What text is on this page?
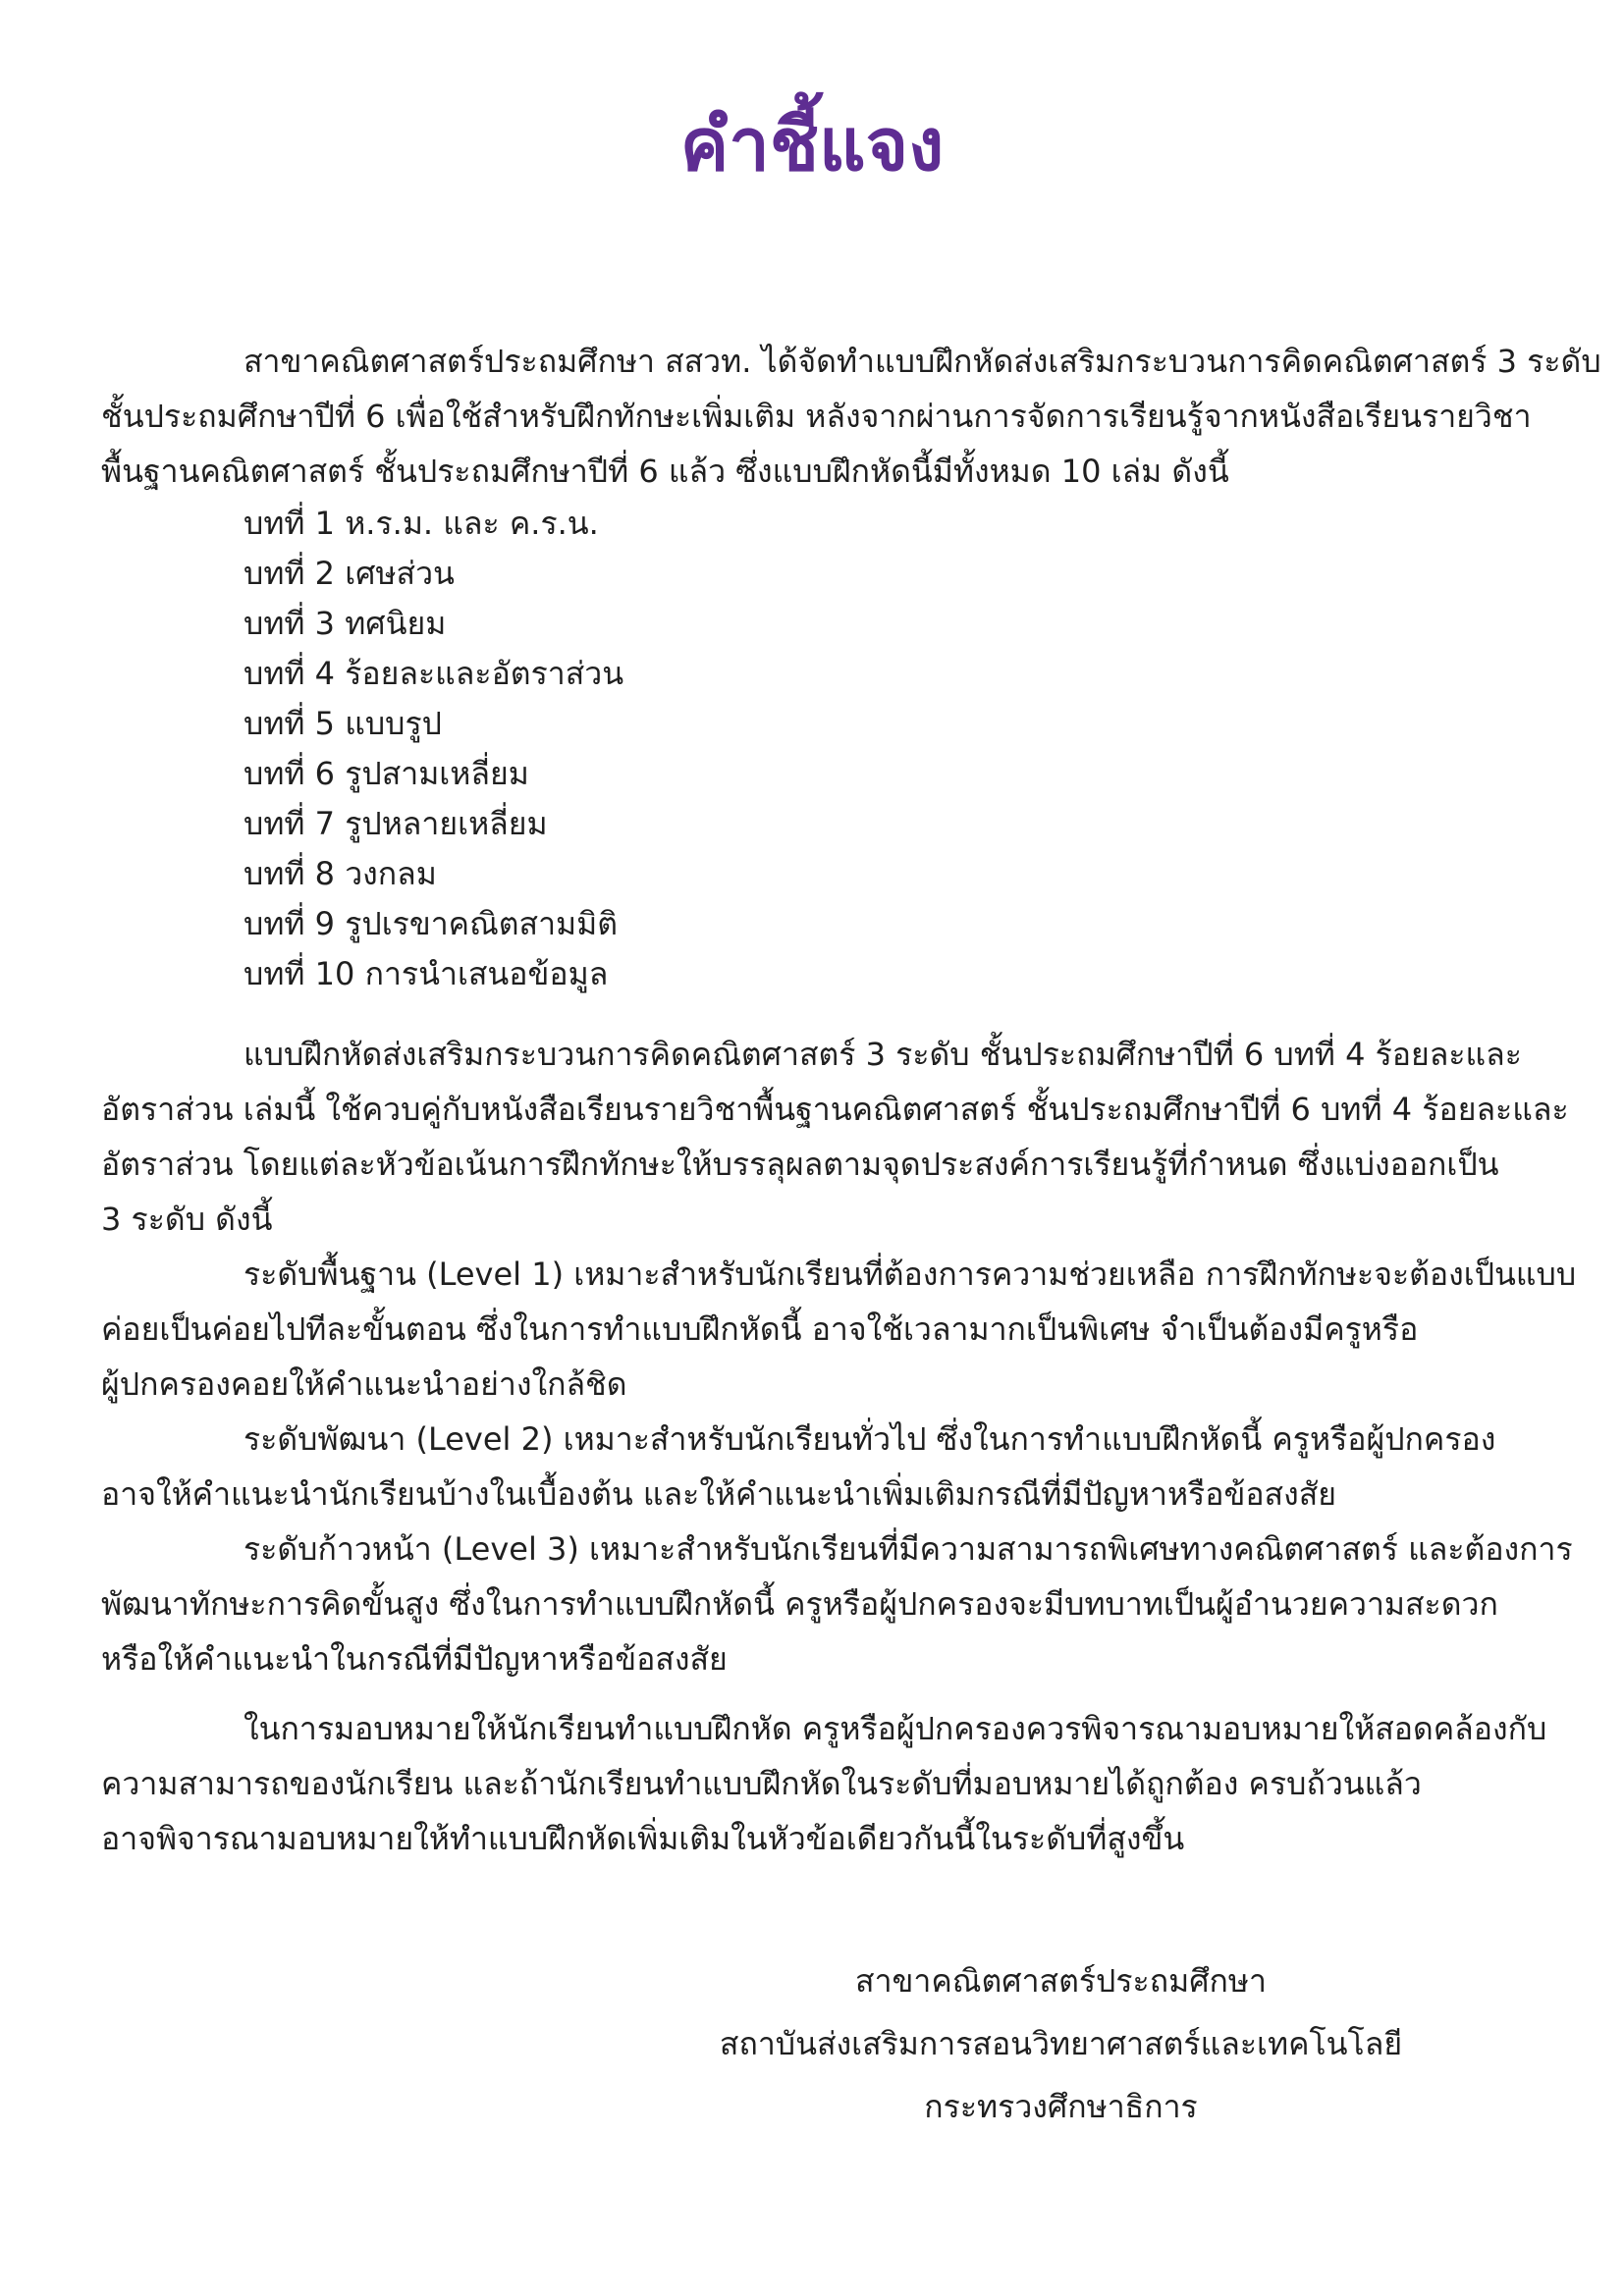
คำชี้แจง
สาขาคณิตศาสตร์ประถมศึกษา สสวท. ได้จัดทำแบบฝึกหัดส่งเสริมกระบวนการคิดคณิตศาสตร์ 3 ระดับ
ชั้นประถมศึกษาปีที่ 6 เพื่อใช้สำหรับฝึกทักษะเพิ่มเติม หลังจากผ่านการจัดการเรียนรู้จากหนังสือเรียนรายวิชา
พื้นฐานคณิตศาสตร์ ชั้นประถมศึกษาปีที่ 6 แล้ว ซึ่งแบบฝึกหัดนี้มีทั้งหมด 10 เล่ม ดังนี้
บทที่ 1 ห.ร.ม. และ ค.ร.น.
บทที่ 2 เศษส่วน
บทที่ 3 ทศนิยม
บทที่ 4 ร้อยละและอัตราส่วน
บทที่ 5 แบบรูป
บทที่ 6 รูปสามเหลี่ยม
บทที่ 7 รูปหลายเหลี่ยม
บทที่ 8 วงกลม
บทที่ 9 รูปเรขาคณิตสามมิติ
บทที่ 10 การนำเสนอข้อมูล
แบบฝึกหัดส่งเสริมกระบวนการคิดคณิตศาสตร์ 3 ระดับ ชั้นประถมศึกษาปีที่ 6 บทที่ 4 ร้อยละและ
อัตราส่วน เล่มนี้ ใช้ควบคู่กับหนังสือเรียนรายวิชาพื้นฐานคณิตศาสตร์ ชั้นประถมศึกษาปีที่ 6 บทที่ 4 ร้อยละและ
อัตราส่วน โดยแต่ละหัวข้อเน้นการฝึกทักษะให้บรรลุผลตามจุดประสงค์การเรียนรู้ที่กำหนด ซึ่งแบ่งออกเป็น
3 ระดับ ดังนี้
ระดับพื้นฐาน (Level 1) เหมาะสำหรับนักเรียนที่ต้องการความช่วยเหลือ การฝึกทักษะจะต้องเป็นแบบ
ค่อยเป็นค่อยไปทีละขั้นตอน ซึ่งในการทำแบบฝึกหัดนี้ อาจใช้เวลามากเป็นพิเศษ จำเป็นต้องมีครูหรือ
ผู้ปกครองคอยให้คำแนะนำอย่างใกล้ชิด
ระดับพัฒนา (Level 2) เหมาะสำหรับนักเรียนทั่วไป ซึ่งในการทำแบบฝึกหัดนี้ ครูหรือผู้ปกครอง
อาจให้คำแนะนำนักเรียนบ้างในเบื้องต้น และให้คำแนะนำเพิ่มเติมกรณีที่มีปัญหาหรือข้อสงสัย
ระดับก้าวหน้า (Level 3) เหมาะสำหรับนักเรียนที่มีความสามารถพิเศษทางคณิตศาสตร์ และต้องการ
พัฒนาทักษะการคิดขั้นสูง ซึ่งในการทำแบบฝึกหัดนี้ ครูหรือผู้ปกครองจะมีบทบาทเป็นผู้อำนวยความสะดวก
หรือให้คำแนะนำในกรณีที่มีปัญหาหรือข้อสงสัย
ในการมอบหมายให้นักเรียนทำแบบฝึกหัด ครูหรือผู้ปกครองควรพิจารณามอบหมายให้สอดคล้องกับ
ความสามารถของนักเรียน และถ้านักเรียนทำแบบฝึกหัดในระดับที่มอบหมายได้ถูกต้อง ครบถ้วนแล้ว
อาจพิจารณามอบหมายให้ทำแบบฝึกหัดเพิ่มเติมในหัวข้อเดียวกันนี้ในระดับที่สูงขึ้น
สาขาคณิตศาสตร์ประถมศึกษา
สถาบันส่งเสริมการสอนวิทยาศาสตร์และเทคโนโลยี
กระทรวงศึกษาธิการ
